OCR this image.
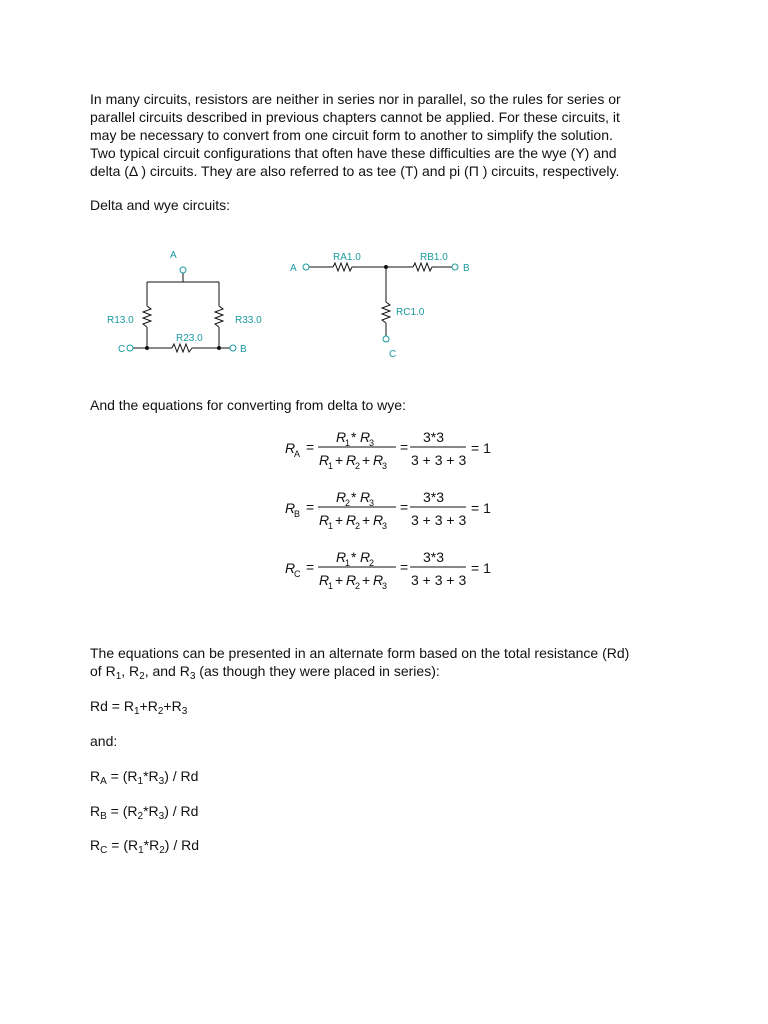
In many circuits, resistors are neither in series nor in parallel, so the rules for series or
parallel circuits described in previous chapters cannot be applied. For these circuits, it
may be necessary to convert from one circuit form to another to simplify the solution.
Two typical circuit configurations that often have these difficulties are the wye (Y) and
delta (Δ ) circuits. They are also referred to as tee (T) and pi (Π ) circuits, respectively.

Delta and wye circuits:

A
C	B
R13.0	R33.0
R23.0
A	B
C
RA1.0	RB1.0
RC1.0

And the equations for converting from delta to wye:

R
A =
R
1 * R
3
R
1 + R
2 + R
3
=
3*3
3 + 3 + 3
= 1
R
B =
R
2 * R
3
R
1 + R
2 + R
3
=
3*3
3 + 3 + 3
= 1
R
C =
R
1 * R
2
R
1 + R
2 + R
3
=
3*3
3 + 3 + 3
= 1

The equations can be presented in an alternate form based on the total resistance (Rd)
of $R_1$, $R_2$, and $R_3$ (as though they were placed in series):

$Rd = R_1+R_2+R_3$

and:

$R_A = (R_1*R_3) / Rd$

$R_B = (R_2*R_3) / Rd$

$R_C = (R_1*R_2) / Rd$
